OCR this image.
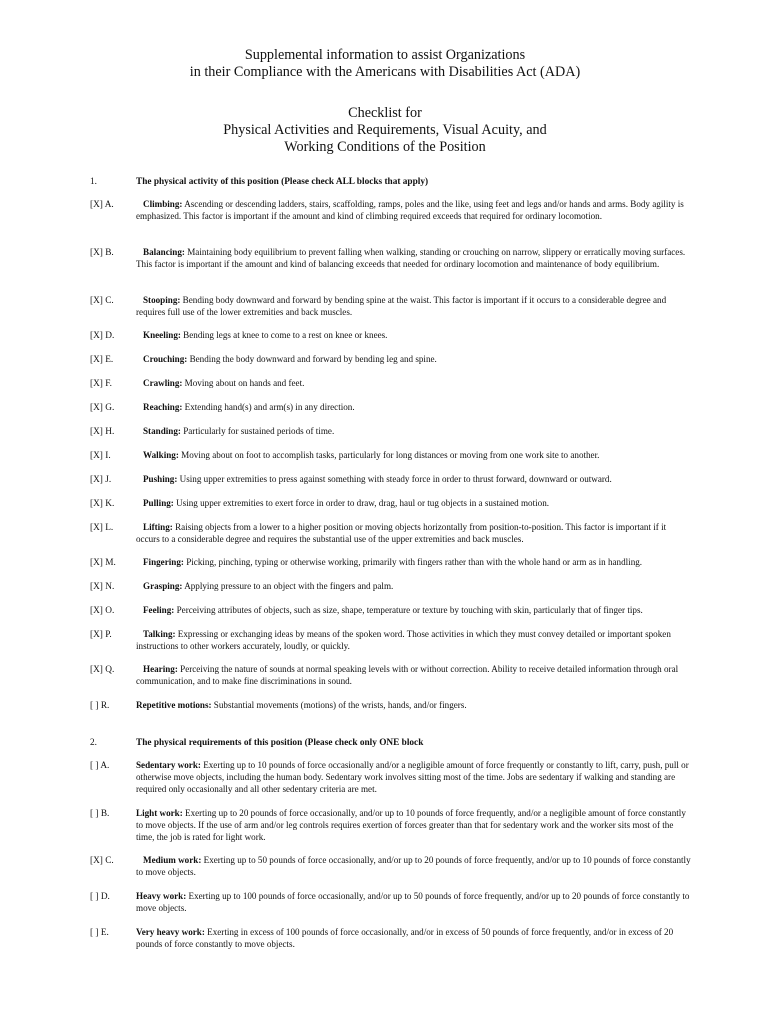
Supplemental information to assist Organizations
in their Compliance with the Americans with Disabilities Act (ADA)
Checklist for
Physical Activities and Requirements, Visual Acuity, and
Working Conditions of the Position
1.	The physical activity of this position (Please check ALL blocks that apply)
[X] A.	Climbing: Ascending or descending ladders, stairs, scaffolding, ramps, poles and the like, using feet and legs and/or hands and arms. Body agility is emphasized. This factor is important if the amount and kind of climbing required exceeds that required for ordinary locomotion.
[X] B.	Balancing: Maintaining body equilibrium to prevent falling when walking, standing or crouching on narrow, slippery or erratically moving surfaces. This factor is important if the amount and kind of balancing exceeds that needed for ordinary locomotion and maintenance of body equilibrium.
[X] C.	Stooping: Bending body downward and forward by bending spine at the waist. This factor is important if it occurs to a considerable degree and requires full use of the lower extremities and back muscles.
[X] D.	Kneeling: Bending legs at knee to come to a rest on knee or knees.
[X] E.	Crouching: Bending the body downward and forward by bending leg and spine.
[X] F.	Crawling: Moving about on hands and feet.
[X] G.	Reaching: Extending hand(s) and arm(s) in any direction.
[X] H.	Standing: Particularly for sustained periods of time.
[X] I.	Walking: Moving about on foot to accomplish tasks, particularly for long distances or moving from one work site to another.
[X] J.	Pushing: Using upper extremities to press against something with steady force in order to thrust forward, downward or outward.
[X] K.	Pulling: Using upper extremities to exert force in order to draw, drag, haul or tug objects in a sustained motion.
[X] L.	Lifting: Raising objects from a lower to a higher position or moving objects horizontally from position-to-position. This factor is important if it occurs to a considerable degree and requires the substantial use of the upper extremities and back muscles.
[X] M.	Fingering: Picking, pinching, typing or otherwise working, primarily with fingers rather than with the whole hand or arm as in handling.
[X] N.	Grasping: Applying pressure to an object with the fingers and palm.
[X] O.	Feeling: Perceiving attributes of objects, such as size, shape, temperature or texture by touching with skin, particularly that of finger tips.
[X] P.	Talking: Expressing or exchanging ideas by means of the spoken word. Those activities in which they must convey detailed or important spoken instructions to other workers accurately, loudly, or quickly.
[X] Q.	Hearing: Perceiving the nature of sounds at normal speaking levels with or without correction. Ability to receive detailed information through oral communication, and to make fine discriminations in sound.
[ ] R.	Repetitive motions: Substantial movements (motions) of the wrists, hands, and/or fingers.
2.	The physical requirements of this position (Please check only ONE block
[ ] A.	Sedentary work: Exerting up to 10 pounds of force occasionally and/or a negligible amount of force frequently or constantly to lift, carry, push, pull or otherwise move objects, including the human body. Sedentary work involves sitting most of the time. Jobs are sedentary if walking and standing are required only occasionally and all other sedentary criteria are met.
[ ] B.	Light work: Exerting up to 20 pounds of force occasionally, and/or up to 10 pounds of force frequently, and/or a negligible amount of force constantly to move objects. If the use of arm and/or leg controls requires exertion of forces greater than that for sedentary work and the worker sits most of the time, the job is rated for light work.
[X] C.	Medium work: Exerting up to 50 pounds of force occasionally, and/or up to 20 pounds of force frequently, and/or up to 10 pounds of force constantly to move objects.
[ ] D.	Heavy work: Exerting up to 100 pounds of force occasionally, and/or up to 50 pounds of force frequently, and/or up to 20 pounds of force constantly to move objects.
[ ] E.	Very heavy work: Exerting in excess of 100 pounds of force occasionally, and/or in excess of 50 pounds of force frequently, and/or in excess of 20 pounds of force constantly to move objects.
